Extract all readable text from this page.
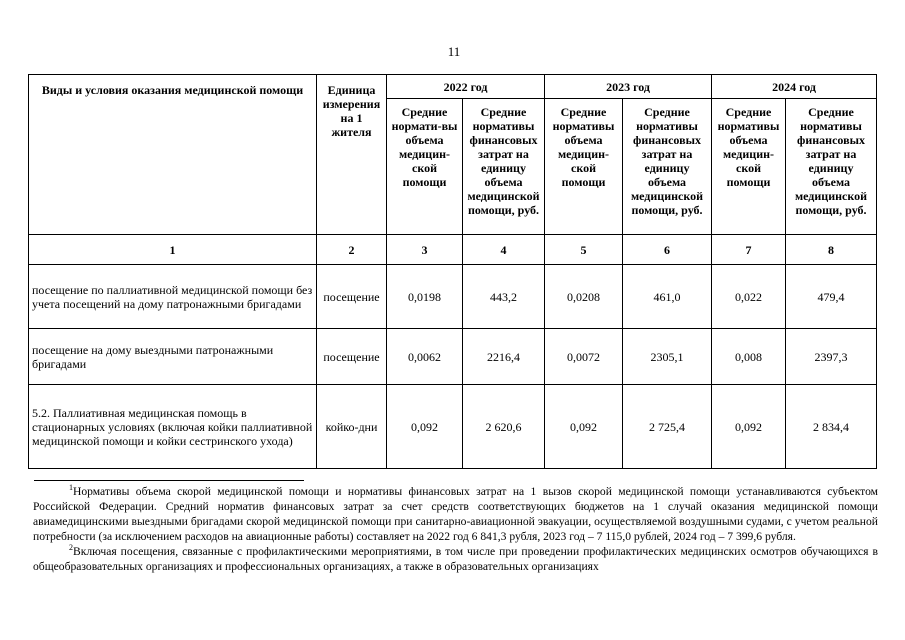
11
Виды и условия оказания медицинской помощи	Единица измерения на 1 жителя	2022 год		2023 год		2024 год	
		Средние нормати-вы объема медицин-ской помощи	Средние нормативы финансовых затрат на единицу объема медицинской помощи, руб.	Средние нормативы объема медицин-ской помощи	Средние нормативы финансовых затрат на единицу объема медицинской помощи, руб.	Средние нормативы объема медицин-ской помощи	Средние нормативы финансовых затрат на единицу объема медицинской помощи, руб.
1	2	3	4	5	6	7	8
посещение по паллиативной медицинской помощи без учета посещений на дому патронажными бригадами	посещение	0,0198	443,2	0,0208	461,0	0,022	479,4
посещение на дому выездными патронажными бригадами	посещение	0,0062	2216,4	0,0072	2305,1	0,008	2397,3
5.2. Паллиативная медицинская помощь в стационарных условиях (включая койки паллиативной медицинской помощи и койки сестринского ухода)	койко-дни	0,092	2 620,6	0,092	2 725,4	0,092	2 834,4

$^1$Нормативы объема скорой медицинской помощи и нормативы финансовых затрат на 1 вызов скорой медицинской помощи устанавливаются субъектом Российской Федерации. Средний норматив финансовых затрат за счет средств соответствующих бюджетов на 1 случай оказания медицинской помощи авиамедицинскими выездными бригадами скорой медицинской помощи при санитарно-авиационной эвакуации, осуществляемой воздушными судами, с учетом реальной потребности (за исключением расходов на авиационные работы) составляет на 2022 год 6 841,3 рубля, 2023 год – 7 115,0 рублей, 2024 год – 7 399,6 рубля.

$^2$Включая посещения, связанные с профилактическими мероприятиями, в том числе при проведении профилактических медицинских осмотров обучающихся в общеобразовательных организациях и профессиональных организациях, а также в образовательных организациях
